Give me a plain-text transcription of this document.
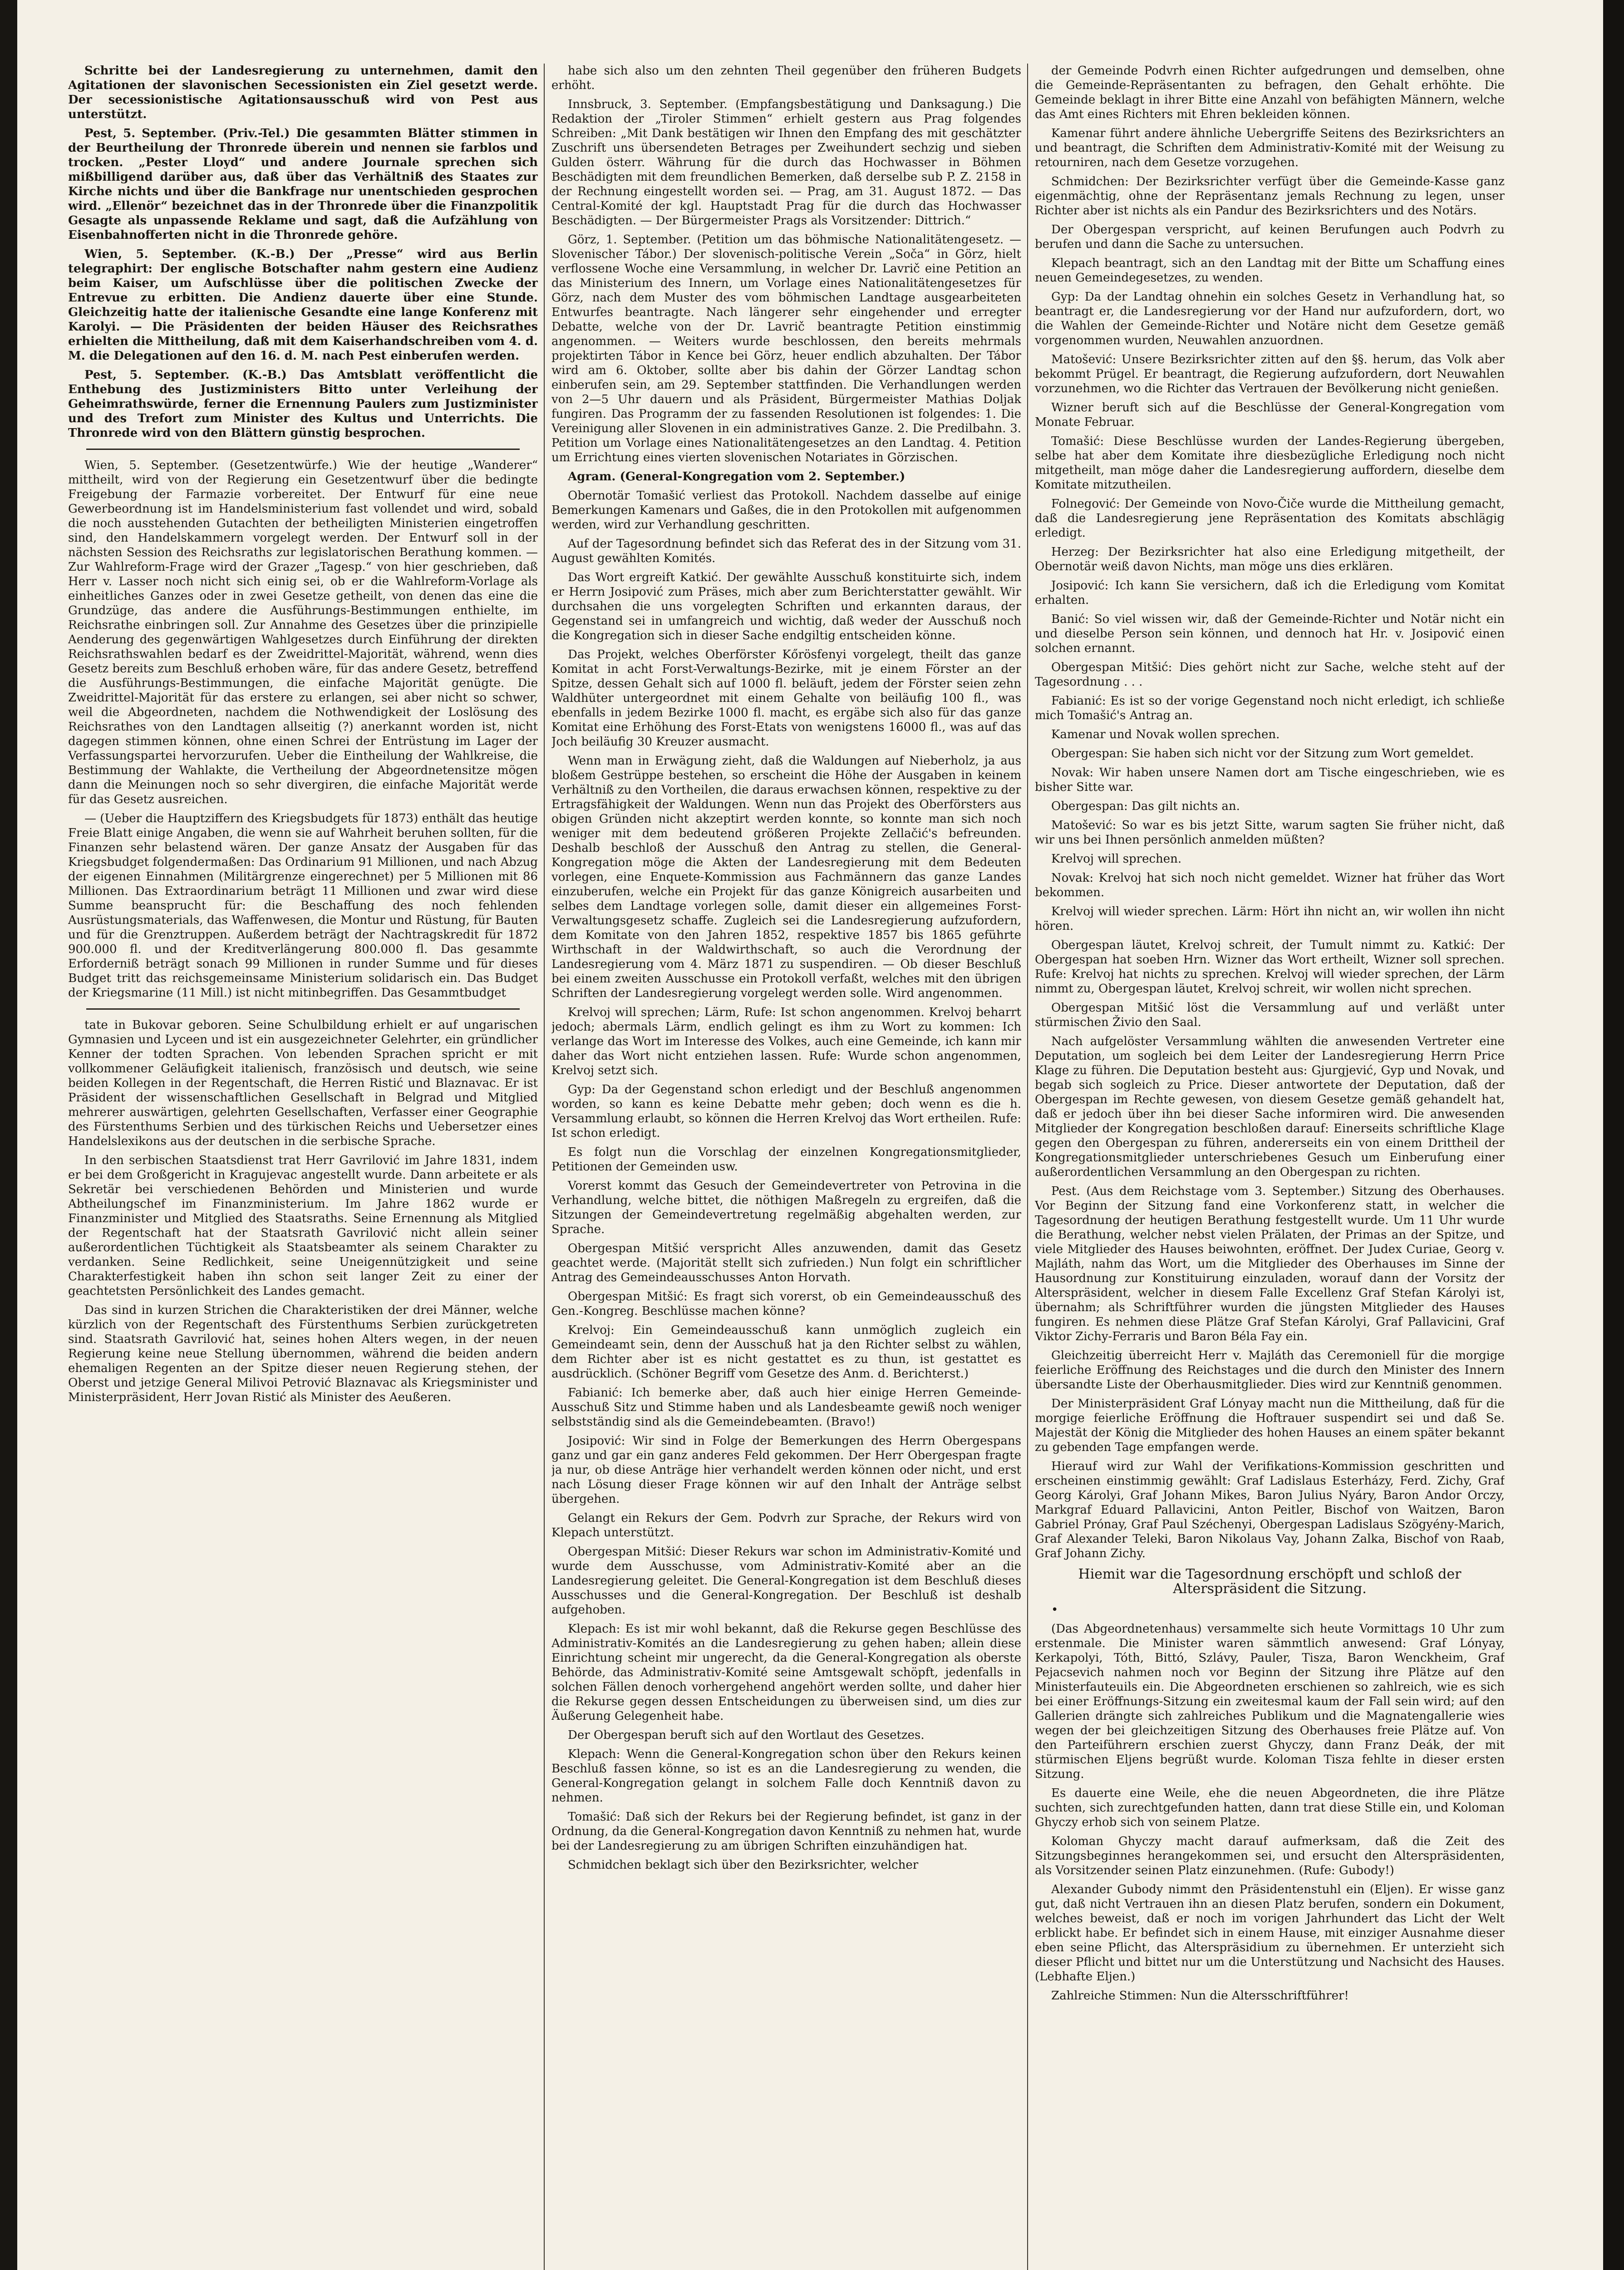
Schritte bei der Landesregierung zu unternehmen, damit den Agitationen der slavonischen Secessionisten ein Ziel gesetzt werde. Der secessionistische Agitationsausschuß wird von Pest aus unterstützt.

Pest, 5. September. (Priv.-Tel.) Die gesammten Blätter stimmen in der Beurtheilung der Thronrede überein und nennen sie farblos und trocken. „Pester Lloyd“ und andere Journale sprechen sich mißbilligend darüber aus, daß über das Verhältniß des Staates zur Kirche nichts und über die Bankfrage nur unentschieden gesprochen wird. „Ellenör“ bezeichnet das in der Thronrede über die Finanzpolitik Gesagte als unpassende Reklame und sagt, daß die Aufzählung von Eisenbahnofferten nicht in die Thronrede gehöre.

Wien, 5. September. (K.-B.) Der „Presse“ wird aus Berlin telegraphirt: Der englische Botschafter nahm gestern eine Audienz beim Kaiser, um Aufschlüsse über die politischen Zwecke der Entrevue zu erbitten. Die Andienz dauerte über eine Stunde. Gleichzeitig hatte der italienische Gesandte eine lange Konferenz mit Karolyi. — Die Präsidenten der beiden Häuser des Reichsrathes erhielten die Mittheilung, daß mit dem Kaiserhandschreiben vom 4. d. M. die Delegationen auf den 16. d. M. nach Pest einberufen werden.

Pest, 5. September. (K.-B.) Das Amtsblatt veröffentlicht die Enthebung des Justizministers Bitto unter Verleihung der Geheimrathswürde, ferner die Ernennung Paulers zum Justizminister und des Trefort zum Minister des Kultus und Unterrichts. Die Thronrede wird von den Blättern günstig besprochen.

Wien, 5. September. (Gesetzentwürfe.) Wie der heutige „Wanderer“ mittheilt, wird von der Regierung ein Gesetzentwurf über die bedingte Freigebung der Farmazie vorbereitet. Der Entwurf für eine neue Gewerbeordnung ist im Handelsministerium fast vollendet und wird, sobald die noch ausstehenden Gutachten der betheiligten Ministerien eingetroffen sind, den Handelskammern vorgelegt werden. Der Entwurf soll in der nächsten Session des Reichsraths zur legislatorischen Berathung kommen. — Zur Wahlreform-Frage wird der Grazer „Tagesp.“ von hier geschrieben, daß Herr v. Lasser noch nicht sich einig sei, ob er die Wahlreform-Vorlage als einheitliches Ganzes oder in zwei Gesetze getheilt, von denen das eine die Grundzüge, das andere die Ausführungs-Bestimmungen enthielte, im Reichsrathe einbringen soll. Zur Annahme des Gesetzes über die prinzipielle Aenderung des gegenwärtigen Wahlgesetzes durch Einführung der direkten Reichsrathswahlen bedarf es der Zweidrittel-Majorität, während, wenn dies Gesetz bereits zum Beschluß erhoben wäre, für das andere Gesetz, betreffend die Ausführungs-Bestimmungen, die einfache Majorität genügte. Die Zweidrittel-Majorität für das erstere zu erlangen, sei aber nicht so schwer, weil die Abgeordneten, nachdem die Nothwendigkeit der Loslösung des Reichsrathes von den Landtagen allseitig (?) anerkannt worden ist, nicht dagegen stimmen können, ohne einen Schrei der Entrüstung im Lager der Verfassungspartei hervorzurufen. Ueber die Eintheilung der Wahlkreise, die Bestimmung der Wahlakte, die Vertheilung der Abgeordnetensitze mögen dann die Meinungen noch so sehr divergiren, die einfache Majorität werde für das Gesetz ausreichen.

— (Ueber die Hauptziffern des Kriegsbudgets für 1873) enthält das heutige Freie Blatt einige Angaben, die wenn sie auf Wahrheit beruhen sollten, für die Finanzen sehr belastend wären. Der ganze Ansatz der Ausgaben für das Kriegsbudget folgendermaßen: Das Ordinarium 91 Millionen, und nach Abzug der eigenen Einnahmen (Militärgrenze eingerechnet) per 5 Millionen mit 86 Millionen. Das Extraordinarium beträgt 11 Millionen und zwar wird diese Summe beansprucht für: die Beschaffung des noch fehlenden Ausrüstungsmaterials, das Waffenwesen, die Montur und Rüstung, für Bauten und für die Grenztruppen. Außerdem beträgt der Nachtragskredit für 1872 900.000 fl. und der Kreditverlängerung 800.000 fl. Das gesammte Erforderniß beträgt sonach 99 Millionen in runder Summe und für dieses Budget tritt das reichsgemeinsame Ministerium solidarisch ein. Das Budget der Kriegsmarine (11 Mill.) ist nicht mitinbegriffen. Das Gesammtbudget

tate in Bukovar geboren. Seine Schulbildung erhielt er auf ungarischen Gymnasien und Lyceen und ist ein ausgezeichneter Gelehrter, ein gründlicher Kenner der todten Sprachen. Von lebenden Sprachen spricht er mit vollkommener Geläufigkeit italienisch, französisch und deutsch, wie seine beiden Kollegen in der Regentschaft, die Herren Ristić und Blaznavac. Er ist Präsident der wissenschaftlichen Gesellschaft in Belgrad und Mitglied mehrerer auswärtigen, gelehrten Gesellschaften, Verfasser einer Geographie des Fürstenthums Serbien und des türkischen Reichs und Uebersetzer eines Handelslexikons aus der deutschen in die serbische Sprache.

In den serbischen Staatsdienst trat Herr Gavrilović im Jahre 1831, indem er bei dem Großgericht in Kragujevac angestellt wurde. Dann arbeitete er als Sekretär bei verschiedenen Behörden und Ministerien und wurde Abtheilungschef im Finanzministerium. Im Jahre 1862 wurde er Finanzminister und Mitglied des Staatsraths. Seine Ernennung als Mitglied der Regentschaft hat der Staatsrath Gavrilović nicht allein seiner außerordentlichen Tüchtigkeit als Staatsbeamter als seinem Charakter zu verdanken. Seine Redlichkeit, seine Uneigennützigkeit und seine Charakterfestigkeit haben ihn schon seit langer Zeit zu einer der geachtetsten Persönlichkeit des Landes gemacht.

Das sind in kurzen Strichen die Charakteristiken der drei Männer, welche kürzlich von der Regentschaft des Fürstenthums Serbien zurückgetreten sind. Staatsrath Gavrilović hat, seines hohen Alters wegen, in der neuen Regierung keine neue Stellung übernommen, während die beiden andern ehemaligen Regenten an der Spitze dieser neuen Regierung stehen, der Oberst und jetzige General Milivoi Petrović Blaznavac als Kriegsminister und Ministerpräsident, Herr Jovan Ristić als Minister des Aeußeren.

habe sich also um den zehnten Theil gegenüber den früheren Budgets erhöht.

Innsbruck, 3. September. (Empfangsbestätigung und Danksagung.) Die Redaktion der „Tiroler Stimmen“ erhielt gestern aus Prag folgendes Schreiben: „Mit Dank bestätigen wir Ihnen den Empfang des mit geschätzter Zuschrift uns übersendeten Betrages per Zweihundert sechzig und sieben Gulden österr. Währung für die durch das Hochwasser in Böhmen Beschädigten mit dem freundlichen Bemerken, daß derselbe sub P. Z. 2158 in der Rechnung eingestellt worden sei. — Prag, am 31. August 1872. — Das Central-Komité der kgl. Hauptstadt Prag für die durch das Hochwasser Beschädigten. — Der Bürgermeister Prags als Vorsitzender: Dittrich.“

Görz, 1. September. (Petition um das böhmische Nationalitätengesetz. — Slovenischer Tábor.) Der slovenisch-politische Verein „Soča“ in Görz, hielt verflossene Woche eine Versammlung, in welcher Dr. Lavrič eine Petition an das Ministerium des Innern, um Vorlage eines Nationalitätengesetzes für Görz, nach dem Muster des vom böhmischen Landtage ausgearbeiteten Entwurfes beantragte. Nach längerer sehr eingehender und erregter Debatte, welche von der Dr. Lavrič beantragte Petition einstimmig angenommen. — Weiters wurde beschlossen, den bereits mehrmals projektirten Tábor in Kence bei Görz, heuer endlich abzuhalten. Der Tábor wird am 6. Oktober, sollte aber bis dahin der Görzer Landtag schon einberufen sein, am 29. September stattfinden. Die Verhandlungen werden von 2—5 Uhr dauern und als Präsident, Bürgermeister Mathias Doljak fungiren. Das Programm der zu fassenden Resolutionen ist folgendes: 1. Die Vereinigung aller Slovenen in ein administratives Ganze. 2. Die Predilbahn. 3. Petition um Vorlage eines Nationalitätengesetzes an den Landtag. 4. Petition um Errichtung eines vierten slovenischen Notariates in Görzischen.

Agram. (General-Kongregation vom 2. September.)

Obernotär Tomašić verliest das Protokoll. Nachdem dasselbe auf einige Bemerkungen Kamenars und Gaßes, die in den Protokollen mit aufgenommen werden, wird zur Verhandlung geschritten.

Auf der Tagesordnung befindet sich das Referat des in der Sitzung vom 31. August gewählten Komités.

Das Wort ergreift Katkić. Der gewählte Ausschuß konstituirte sich, indem er Herrn Josipović zum Präses, mich aber zum Berichterstatter gewählt. Wir durchsahen die uns vorgelegten Schriften und erkannten daraus, der Gegenstand sei in umfangreich und wichtig, daß weder der Ausschuß noch die Kongregation sich in dieser Sache endgiltig entscheiden könne.

Das Projekt, welches Oberförster Kőrösfenyi vorgelegt, theilt das ganze Komitat in acht Forst-Verwaltungs-Bezirke, mit je einem Förster an der Spitze, dessen Gehalt sich auf 1000 fl. beläuft, jedem der Förster seien zehn Waldhüter untergeordnet mit einem Gehalte von beiläufig 100 fl., was ebenfalls in jedem Bezirke 1000 fl. macht, es ergäbe sich also für das ganze Komitat eine Erhöhung des Forst-Etats von wenigstens 16000 fl., was auf das Joch beiläufig 30 Kreuzer ausmacht.

Wenn man in Erwägung zieht, daß die Waldungen auf Nieberholz, ja aus bloßem Gestrüppe bestehen, so erscheint die Höhe der Ausgaben in keinem Verhältniß zu den Vortheilen, die daraus erwachsen können, respektive zu der Ertragsfähigkeit der Waldungen. Wenn nun das Projekt des Oberförsters aus obigen Gründen nicht akzeptirt werden konnte, so konnte man sich noch weniger mit dem bedeutend größeren Projekte Zellačić's befreunden. Deshalb beschloß der Ausschuß den Antrag zu stellen, die General-Kongregation möge die Akten der Landesregierung mit dem Bedeuten vorlegen, eine Enquete-Kommission aus Fachmännern das ganze Landes einzuberufen, welche ein Projekt für das ganze Königreich ausarbeiten und selbes dem Landtage vorlegen solle, damit dieser ein allgemeines Forst-Verwaltungsgesetz schaffe. Zugleich sei die Landesregierung aufzufordern, dem Komitate von den Jahren 1852, respektive 1857 bis 1865 geführte Wirthschaft in der Waldwirthschaft, so auch die Verordnung der Landesregierung vom 4. März 1871 zu suspendiren. — Ob dieser Beschluß bei einem zweiten Ausschusse ein Protokoll verfaßt, welches mit den übrigen Schriften der Landesregierung vorgelegt werden solle. Wird angenommen.

Krelvoj will sprechen; Lärm, Rufe: Ist schon angenommen. Krelvoj beharrt jedoch; abermals Lärm, endlich gelingt es ihm zu Wort zu kommen: Ich verlange das Wort im Interesse des Volkes, auch eine Gemeinde, ich kann mir daher das Wort nicht entziehen lassen. Rufe: Wurde schon angenommen, Krelvoj setzt sich.

Gyp: Da der Gegenstand schon erledigt und der Beschluß angenommen worden, so kann es keine Debatte mehr geben; doch wenn es die h. Versammlung erlaubt, so können die Herren Krelvoj das Wort ertheilen. Rufe: Ist schon erledigt.

Es folgt nun die Vorschlag der einzelnen Kongregationsmitglieder, Petitionen der Gemeinden usw.

Vorerst kommt das Gesuch der Gemeindevertreter von Petrovina in die Verhandlung, welche bittet, die nöthigen Maßregeln zu ergreifen, daß die Sitzungen der Gemeindevertretung regelmäßig abgehalten werden, zur Sprache.

Obergespan Mitšić verspricht Alles anzuwenden, damit das Gesetz geachtet werde. (Majorität stellt sich zufrieden.) Nun folgt ein schriftlicher Antrag des Gemeindeausschusses Anton Horvath.

Obergespan Mitšić: Es fragt sich vorerst, ob ein Gemeindeausschuß des Gen.-Kongreg. Beschlüsse machen könne?

Krelvoj: Ein Gemeindeausschuß kann unmöglich zugleich ein Gemeindeamt sein, denn der Ausschuß hat ja den Richter selbst zu wählen, dem Richter aber ist es nicht gestattet es zu thun, ist gestattet es ausdrücklich. (Schöner Begriff vom Gesetze des Anm. d. Berichterst.)

Fabianić: Ich bemerke aber, daß auch hier einige Herren Gemeinde-Ausschuß Sitz und Stimme haben und als Landesbeamte gewiß noch weniger selbstständig sind als die Gemeindebeamten. (Bravo!)

Josipović: Wir sind in Folge der Bemerkungen des Herrn Obergespans ganz und gar ein ganz anderes Feld gekommen. Der Herr Obergespan fragte ja nur, ob diese Anträge hier verhandelt werden können oder nicht, und erst nach Lösung dieser Frage können wir auf den Inhalt der Anträge selbst übergehen.

Gelangt ein Rekurs der Gem. Podvrh zur Sprache, der Rekurs wird von Klepach unterstützt.

Obergespan Mitšić: Dieser Rekurs war schon im Administrativ-Komité und wurde dem Ausschusse, vom Administrativ-Komité aber an die Landesregierung geleitet. Die General-Kongregation ist dem Beschluß dieses Ausschusses und die General-Kongregation. Der Beschluß ist deshalb aufgehoben.

Klepach: Es ist mir wohl bekannt, daß die Rekurse gegen Beschlüsse des Administrativ-Komités an die Landesregierung zu gehen haben; allein diese Einrichtung scheint mir ungerecht, da die General-Kongregation als oberste Behörde, das Administrativ-Komité seine Amtsgewalt schöpft, jedenfalls in solchen Fällen denoch vorhergehend angehört werden sollte, und daher hier die Rekurse gegen dessen Entscheidungen zu überweisen sind, um dies zur Äußerung Gelegenheit habe.

Der Obergespan beruft sich auf den Wortlaut des Gesetzes.

Klepach: Wenn die General-Kongregation schon über den Rekurs keinen Beschluß fassen könne, so ist es an die Landesregierung zu wenden, die General-Kongregation gelangt in solchem Falle doch Kenntniß davon zu nehmen.

Tomašić: Daß sich der Rekurs bei der Regierung befindet, ist ganz in der Ordnung, da die General-Kongregation davon Kenntniß zu nehmen hat, wurde bei der Landesregierung zu am übrigen Schriften einzuhändigen hat.

Schmidchen beklagt sich über den Bezirksrichter, welcher

der Gemeinde Podvrh einen Richter aufgedrungen und demselben, ohne die Gemeinde-Repräsentanten zu befragen, den Gehalt erhöhte. Die Gemeinde beklagt in ihrer Bitte eine Anzahl von befähigten Männern, welche das Amt eines Richters mit Ehren bekleiden können.

Kamenar führt andere ähnliche Uebergriffe Seitens des Bezirksrichters an und beantragt, die Schriften dem Administrativ-Komité mit der Weisung zu retourniren, nach dem Gesetze vorzugehen.

Schmidchen: Der Bezirksrichter verfügt über die Gemeinde-Kasse ganz eigenmächtig, ohne der Repräsentanz jemals Rechnung zu legen, unser Richter aber ist nichts als ein Pandur des Bezirksrichters und des Notärs.

Der Obergespan verspricht, auf keinen Berufungen auch Podvrh zu berufen und dann die Sache zu untersuchen.

Klepach beantragt, sich an den Landtag mit der Bitte um Schaffung eines neuen Gemeindegesetzes, zu wenden.

Gyp: Da der Landtag ohnehin ein solches Gesetz in Verhandlung hat, so beantragt er, die Landesregierung vor der Hand nur aufzufordern, dort, wo die Wahlen der Gemeinde-Richter und Notäre nicht dem Gesetze gemäß vorgenommen wurden, Neuwahlen anzuordnen.

Matošević: Unsere Bezirksrichter zitten auf den §§. herum, das Volk aber bekommt Prügel. Er beantragt, die Regierung aufzufordern, dort Neuwahlen vorzunehmen, wo die Richter das Vertrauen der Bevölkerung nicht genießen.

Wizner beruft sich auf die Beschlüsse der General-Kongregation vom Monate Februar.

Tomašić: Diese Beschlüsse wurden der Landes-Regierung übergeben, selbe hat aber dem Komitate ihre diesbezügliche Erledigung noch nicht mitgetheilt, man möge daher die Landesregierung auffordern, dieselbe dem Komitate mitzutheilen.

Folnegović: Der Gemeinde von Novo-Čiče wurde die Mittheilung gemacht, daß die Landesregierung jene Repräsentation des Komitats abschlägig erledigt.

Herzeg: Der Bezirksrichter hat also eine Erledigung mitgetheilt, der Obernotär weiß davon Nichts, man möge uns dies erklären.

Josipović: Ich kann Sie versichern, daß ich die Erledigung vom Komitat erhalten.

Banić: So viel wissen wir, daß der Gemeinde-Richter und Notär nicht ein und dieselbe Person sein können, und dennoch hat Hr. v. Josipović einen solchen ernannt.

Obergespan Mitšić: Dies gehört nicht zur Sache, welche steht auf der Tagesordnung . . .

Fabianić: Es ist so der vorige Gegenstand noch nicht erledigt, ich schließe mich Tomašić's Antrag an.

Kamenar und Novak wollen sprechen.

Obergespan: Sie haben sich nicht vor der Sitzung zum Wort gemeldet.

Novak: Wir haben unsere Namen dort am Tische eingeschrieben, wie es bisher Sitte war.

Obergespan: Das gilt nichts an.

Matošević: So war es bis jetzt Sitte, warum sagten Sie früher nicht, daß wir uns bei Ihnen persönlich anmelden müßten?

Krelvoj will sprechen.

Novak: Krelvoj hat sich noch nicht gemeldet. Wizner hat früher das Wort bekommen.

Krelvoj will wieder sprechen. Lärm: Hört ihn nicht an, wir wollen ihn nicht hören.

Obergespan läutet, Krelvoj schreit, der Tumult nimmt zu. Katkić: Der Obergespan hat soeben Hrn. Wizner das Wort ertheilt, Wizner soll sprechen. Rufe: Krelvoj hat nichts zu sprechen. Krelvoj will wieder sprechen, der Lärm nimmt zu, Obergespan läutet, Krelvoj schreit, wir wollen nicht sprechen.

Obergespan Mitšić löst die Versammlung auf und verläßt unter stürmischen Živio den Saal.

Nach aufgelöster Versammlung wählten die anwesenden Vertreter eine Deputation, um sogleich bei dem Leiter der Landesregierung Herrn Price Klage zu führen. Die Deputation besteht aus: Gjurgjević, Gyp und Novak, und begab sich sogleich zu Price. Dieser antwortete der Deputation, daß der Obergespan im Rechte gewesen, von diesem Gesetze gemäß gehandelt hat, daß er jedoch über ihn bei dieser Sache informiren wird. Die anwesenden Mitglieder der Kongregation beschloßen darauf: Einerseits schriftliche Klage gegen den Obergespan zu führen, andererseits ein von einem Drittheil der Kongregationsmitglieder unterschriebenes Gesuch um Einberufung einer außerordentlichen Versammlung an den Obergespan zu richten.

Pest. (Aus dem Reichstage vom 3. September.) Sitzung des Oberhauses. Vor Beginn der Sitzung fand eine Vorkonferenz statt, in welcher die Tagesordnung der heutigen Berathung festgestellt wurde. Um 11 Uhr wurde die Berathung, welcher nebst vielen Prälaten, der Primas an der Spitze, und viele Mitglieder des Hauses beiwohnten, eröffnet. Der Judex Curiae, Georg v. Majláth, nahm das Wort, um die Mitglieder des Oberhauses im Sinne der Hausordnung zur Konstituirung einzuladen, worauf dann der Vorsitz der Alterspräsident, welcher in diesem Falle Excellenz Graf Stefan Károlyi ist, übernahm; als Schriftführer wurden die jüngsten Mitglieder des Hauses fungiren. Es nehmen diese Plätze Graf Stefan Károlyi, Graf Pallavicini, Graf Viktor Zichy-Ferraris und Baron Béla Fay ein.

Gleichzeitig überreicht Herr v. Majláth das Ceremoniell für die morgige feierliche Eröffnung des Reichstages und die durch den Minister des Innern übersandte Liste der Oberhausmitglieder. Dies wird zur Kenntniß genommen.

Der Ministerpräsident Graf Lónyay macht nun die Mittheilung, daß für die morgige feierliche Eröffnung die Hoftrauer suspendirt sei und daß Se. Majestät der König die Mitglieder des hohen Hauses an einem später bekannt zu gebenden Tage empfangen werde.

Hierauf wird zur Wahl der Verifikations-Kommission geschritten und erscheinen einstimmig gewählt: Graf Ladislaus Esterházy, Ferd. Zichy, Graf Georg Károlyi, Graf Johann Mikes, Baron Julius Nyáry, Baron Andor Orczy, Markgraf Eduard Pallavicini, Anton Peitler, Bischof von Waitzen, Baron Gabriel Prónay, Graf Paul Széchenyi, Obergespan Ladislaus Szögyény-Marich, Graf Alexander Teleki, Baron Nikolaus Vay, Johann Zalka, Bischof von Raab, Graf Johann Zichy.

Hiemit war die Tagesordnung erschöpft und schloß der Alterspräsident die Sitzung.

•

(Das Abgeordnetenhaus) versammelte sich heute Vormittags 10 Uhr zum erstenmale. Die Minister waren sämmtlich anwesend: Graf Lónyay, Kerkapolyi, Tóth, Bittó, Szlávy, Pauler, Tisza, Baron Wenckheim, Graf Pejacsevich nahmen noch vor Beginn der Sitzung ihre Plätze auf den Ministerfauteuils ein. Die Abgeordneten erschienen so zahlreich, wie es sich bei einer Eröffnungs-Sitzung ein zweitesmal kaum der Fall sein wird; auf den Gallerien drängte sich zahlreiches Publikum und die Magnatengallerie wies wegen der bei gleichzeitigen Sitzung des Oberhauses freie Plätze auf. Von den Parteiführern erschien zuerst Ghyczy, dann Franz Deák, der mit stürmischen Eljens begrüßt wurde. Koloman Tisza fehlte in dieser ersten Sitzung.

Es dauerte eine Weile, ehe die neuen Abgeordneten, die ihre Plätze suchten, sich zurechtgefunden hatten, dann trat diese Stille ein, und Koloman Ghyczy erhob sich von seinem Platze.

Koloman Ghyczy macht darauf aufmerksam, daß die Zeit des Sitzungsbeginnes herangekommen sei, und ersucht den Alterspräsidenten, als Vorsitzender seinen Platz einzunehmen. (Rufe: Gubody!)

Alexander Gubody nimmt den Präsidentenstuhl ein (Eljen). Er wisse ganz gut, daß nicht Vertrauen ihn an diesen Platz berufen, sondern ein Dokument, welches beweist, daß er noch im vorigen Jahrhundert das Licht der Welt erblickt habe. Er befindet sich in einem Hause, mit einziger Ausnahme dieser eben seine Pflicht, das Alterspräsidium zu übernehmen. Er unterzieht sich dieser Pflicht und bittet nur um die Unterstützung und Nachsicht des Hauses. (Lebhafte Eljen.)

Zahlreiche Stimmen: Nun die Altersschriftführer!
